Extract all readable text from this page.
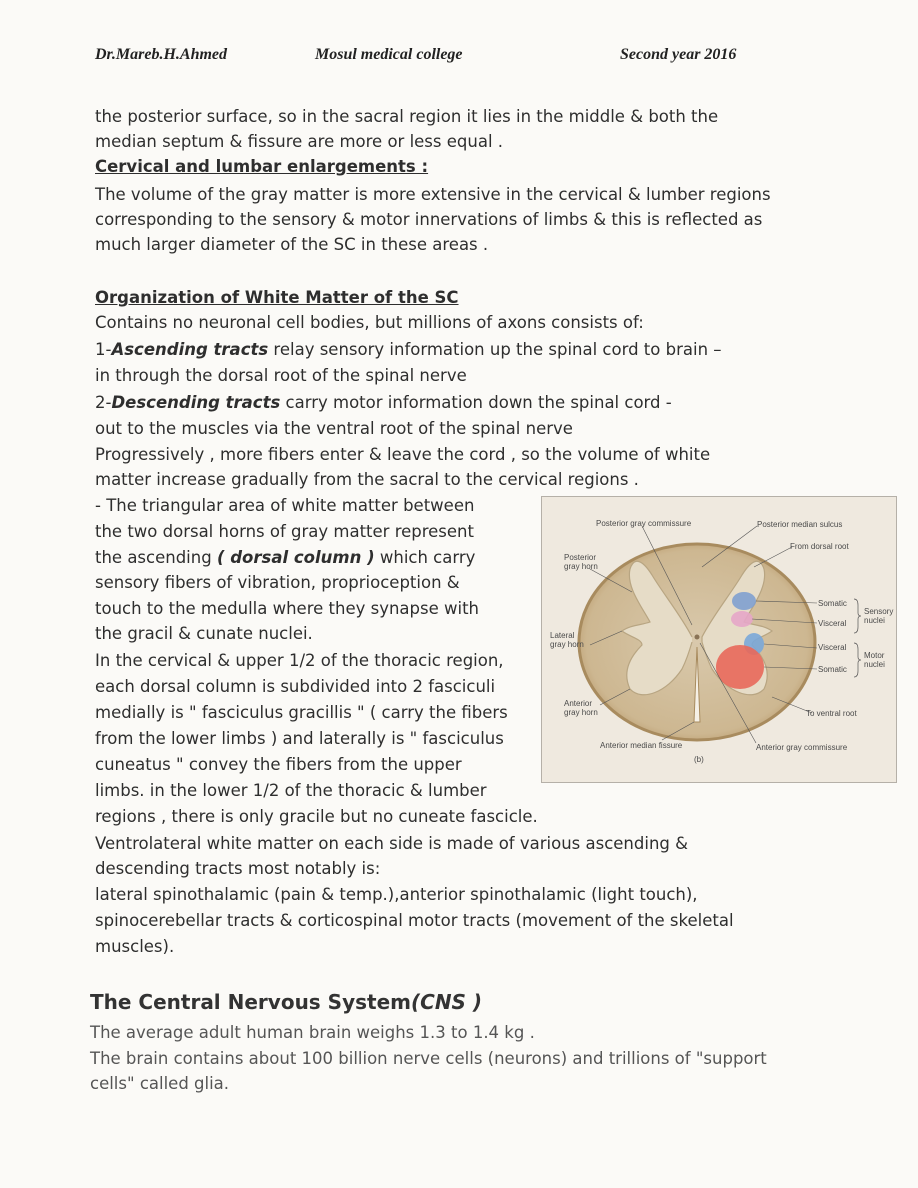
Dr.Mareb.H.Ahmed	Mosul medical college	Second year 2016
the posterior surface, so in the sacral region it lies in the middle & both the
median septum & fissure are more or less equal .
Cervical and lumbar enlargements :
The volume of the gray matter is more extensive in the cervical & lumber regions
corresponding to the sensory & motor innervations of limbs & this is reflected as
much larger diameter of the SC in these areas .
Organization of White Matter of the SC
Contains no neuronal cell bodies, but millions of axons consists of:
1-Ascending tracts relay sensory information up the spinal cord to brain –
in through the dorsal root of the spinal nerve
2-Descending tracts carry motor information down the spinal cord -
out to the muscles via the ventral root of the spinal nerve
Progressively , more fibers enter & leave the cord , so the volume of white
matter increase gradually from the sacral to the cervical regions .
- The triangular area of white matter between
the two dorsal horns of gray matter represent
the ascending ( dorsal column ) which carry
sensory fibers of vibration, proprioception &
touch to the medulla where they synapse with
the gracil & cunate nuclei.
In the cervical & upper 1/2 of the thoracic region,
each dorsal column is subdivided into 2 fasciculi
medially is " fasciculus gracillis " ( carry the fibers
from the lower limbs ) and laterally is " fasciculus
cuneatus " convey the fibers from the upper
limbs. in the lower 1/2 of the thoracic & lumber
regions , there is only gracile but no cuneate fascicle.
Ventrolateral white matter on each side is made of various ascending &
descending tracts most notably is:
lateral spinothalamic (pain & temp.),anterior spinothalamic (light touch),
spinocerebellar tracts & corticospinal motor tracts (movement of the skeletal
muscles).
Posterior gray commissure	Posterior median sulcus
From dorsal root
Posterior
gray horn
Somatic
Visceral
Sensory
nuclei
Lateral
gray horn	Visceral
Somatic
Motor
nuclei
Anterior
gray horn	To ventral root
Anterior median fissure	Anterior gray commissure
(b)
The Central Nervous System(CNS )
The average adult human brain weighs 1.3 to 1.4 kg .
The brain contains about 100 billion nerve cells (neurons) and trillions of "support
cells" called glia.
